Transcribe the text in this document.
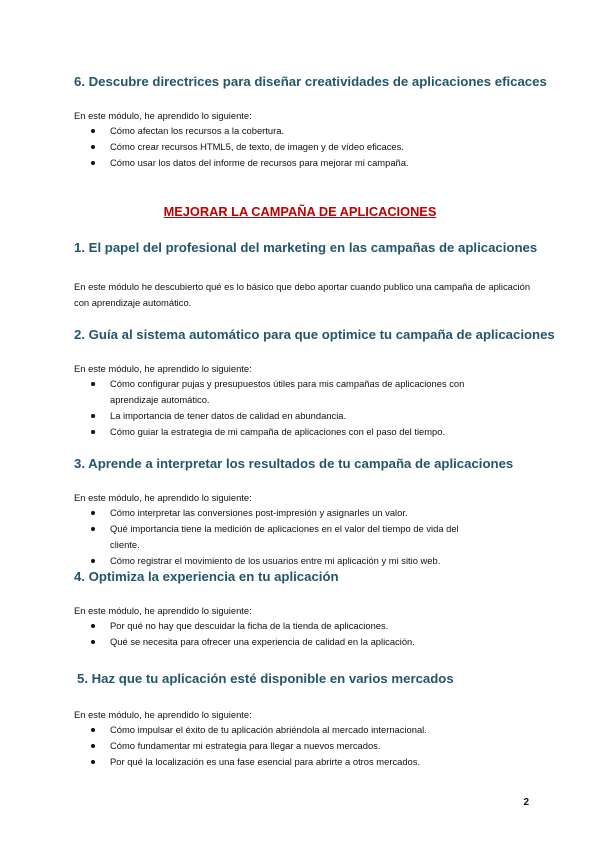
6. Descubre directrices para diseñar creatividades de aplicaciones eficaces

En este módulo, he aprendido lo siguiente:

Cómo afectan los recursos a la cobertura.
Cómo crear recursos HTML5, de texto, de imagen y de vídeo eficaces.
Cómo usar los datos del informe de recursos para mejorar mi campaña.
MEJORAR LA CAMPAÑA DE APLICACIONES
1. El papel del profesional del marketing en las campañas de aplicaciones

En este módulo he descubierto qué es lo básico que debo aportar cuando publico una campaña de aplicación con aprendizaje automático.

2. Guía al sistema automático para que optimice tu campaña de aplicaciones

En este módulo, he aprendido lo siguiente:

Cómo configurar pujas y presupuestos útiles para mis campañas de aplicaciones con aprendizaje automático.
La importancia de tener datos de calidad en abundancia.
Cómo guiar la estrategia de mi campaña de aplicaciones con el paso del tiempo.
3. Aprende a interpretar los resultados de tu campaña de aplicaciones

En este módulo, he aprendido lo siguiente:

Cómo interpretar las conversiones post-impresión y asignarles un valor.
Qué importancia tiene la medición de aplicaciones en el valor del tiempo de vida del cliente.
Cómo registrar el movimiento de los usuarios entre mi aplicación y mi sitio web.
4. Optimiza la experiencia en tu aplicación

En este módulo, he aprendido lo siguiente:

Por qué no hay que descuidar la ficha de la tienda de aplicaciones.
Qué se necesita para ofrecer una experiencia de calidad en la aplicación.
5. Haz que tu aplicación esté disponible en varios mercados

En este módulo, he aprendido lo siguiente:

Cómo impulsar el éxito de tu aplicación abriéndola al mercado internacional.
Cómo fundamentar mi estrategia para llegar a nuevos mercados.
Por qué la localización es una fase esencial para abrirte a otros mercados.
2
